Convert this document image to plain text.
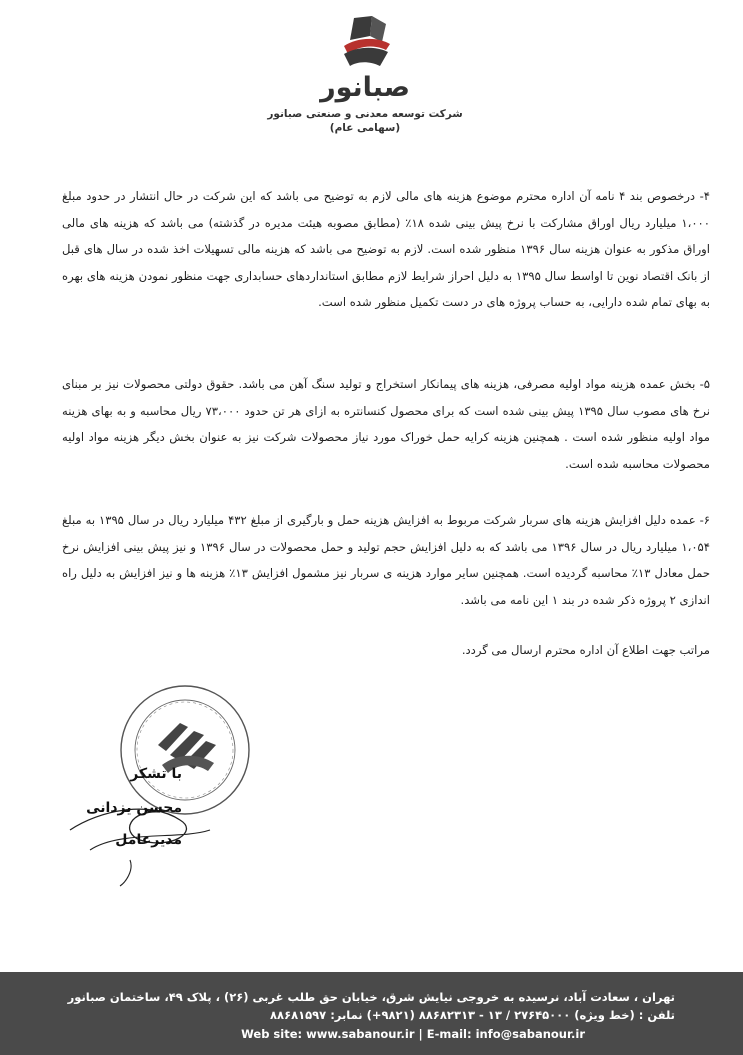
صبانور
شرکت توسعه معدنی و صنعتی صبانور
(سهامی عام)

۴- درخصوص بند ۴ نامه آن اداره محترم موضوع هزینه های مالی لازم به توضیح می باشد که این شرکت در حال انتشار در حدود مبلغ ۱،۰۰۰ میلیارد ریال اوراق مشارکت با نرخ پیش بینی شده ۱۸٪ (مطابق مصوبه هیئت مدیره در گذشته) می باشد که هزینه های مالی اوراق مذکور به عنوان هزینه سال ۱۳۹۶ منظور شده است. لازم به توضیح می باشد که هزینه مالی تسهیلات اخذ شده در سال های قبل از بانک اقتصاد نوین تا اواسط سال ۱۳۹۵ به دلیل احراز شرایط لازم مطابق استانداردهای حسابداری جهت منظور نمودن هزینه های بهره به بهای تمام شده دارایی، به حساب پروژه های در دست تکمیل منظور شده است.

۵- بخش عمده هزینه مواد اولیه مصرفی، هزینه های پیمانکار استخراج و تولید سنگ آهن می باشد. حقوق دولتی محصولات نیز بر مبنای نرخ های مصوب سال ۱۳۹۵ پیش بینی شده است که برای محصول کنسانتره به ازای هر تن حدود ۷۳،۰۰۰ ریال محاسبه و به بهای هزینه مواد اولیه منظور شده است . همچنین هزینه کرایه حمل خوراک مورد نیاز محصولات شرکت نیز به عنوان بخش دیگر هزینه مواد اولیه محصولات محاسبه شده است.

۶- عمده دلیل افزایش هزینه های سربار شرکت مربوط به افزایش هزینه حمل و بارگیری از مبلغ ۴۳۲ میلیارد ریال در سال ۱۳۹۵ به مبلغ ۱،۰۵۴ میلیارد ریال در سال ۱۳۹۶ می باشد که به دلیل افزایش حجم تولید و حمل محصولات در سال ۱۳۹۶ و نیز پیش بینی افزایش نرخ حمل معادل ۱۳٪ محاسبه گردیده است. همچنین سایر موارد هزینه ی سربار نیز مشمول افزایش ۱۳٪ هزینه ها و نیز افزایش به دلیل راه اندازی ۲ پروژه ذکر شده در بند ۱ این نامه می باشد.

مراتب جهت اطلاع آن اداره محترم ارسال می گردد.

با تشکر
محسن یزدانی
مدیرعامل
تهران ، سعادت آباد، نرسیده به خروجی نیایش شرق، خیابان حق طلب غربی (۲۶) ، پلاک ۴۹، ساختمان صبانور
تلفن : (خط ویژه) ۲۷۶۴۵۰۰۰ / ۱۳ - ۸۸۶۸۲۳۱۳ (۹۸۲۱+) نمابر: ۸۸۶۸۱۵۹۷
Web site: www.sabanour.ir | E-mail: info@sabanour.ir
